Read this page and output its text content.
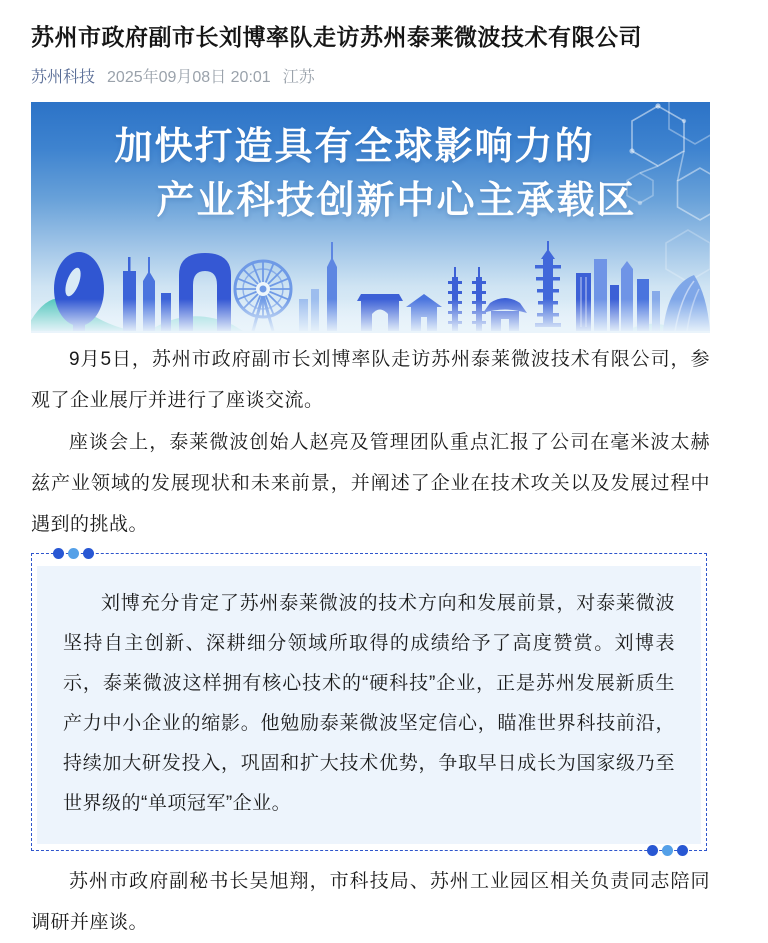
苏州市政府副市长刘博率队走访苏州泰莱微波技术有限公司
苏州科技 2025年09月08日 20:01 江苏
加快打造具有全球影响力的
产业科技创新中心主承载区

9月5日，苏州市政府副市长刘博率队走访苏州泰莱微波技术有限公司，参观了企业展厅并进行了座谈交流。

座谈会上，泰莱微波创始人赵亮及管理团队重点汇报了公司在毫米波太赫兹产业领域的发展现状和未来前景，并阐述了企业在技术攻关以及发展过程中遇到的挑战。

刘博充分肯定了苏州泰莱微波的技术方向和发展前景，对泰莱微波坚持自主创新、深耕细分领域所取得的成绩给予了高度赞赏。刘博表示，泰莱微波这样拥有核心技术的“硬科技”企业，正是苏州发展新质生产力中小企业的缩影。他勉励泰莱微波坚定信心，瞄准世界科技前沿，持续加大研发投入，巩固和扩大技术优势，争取早日成长为国家级乃至世界级的“单项冠军”企业。

苏州市政府副秘书长吴旭翔，市科技局、苏州工业园区相关负责同志陪同调研并座谈。
